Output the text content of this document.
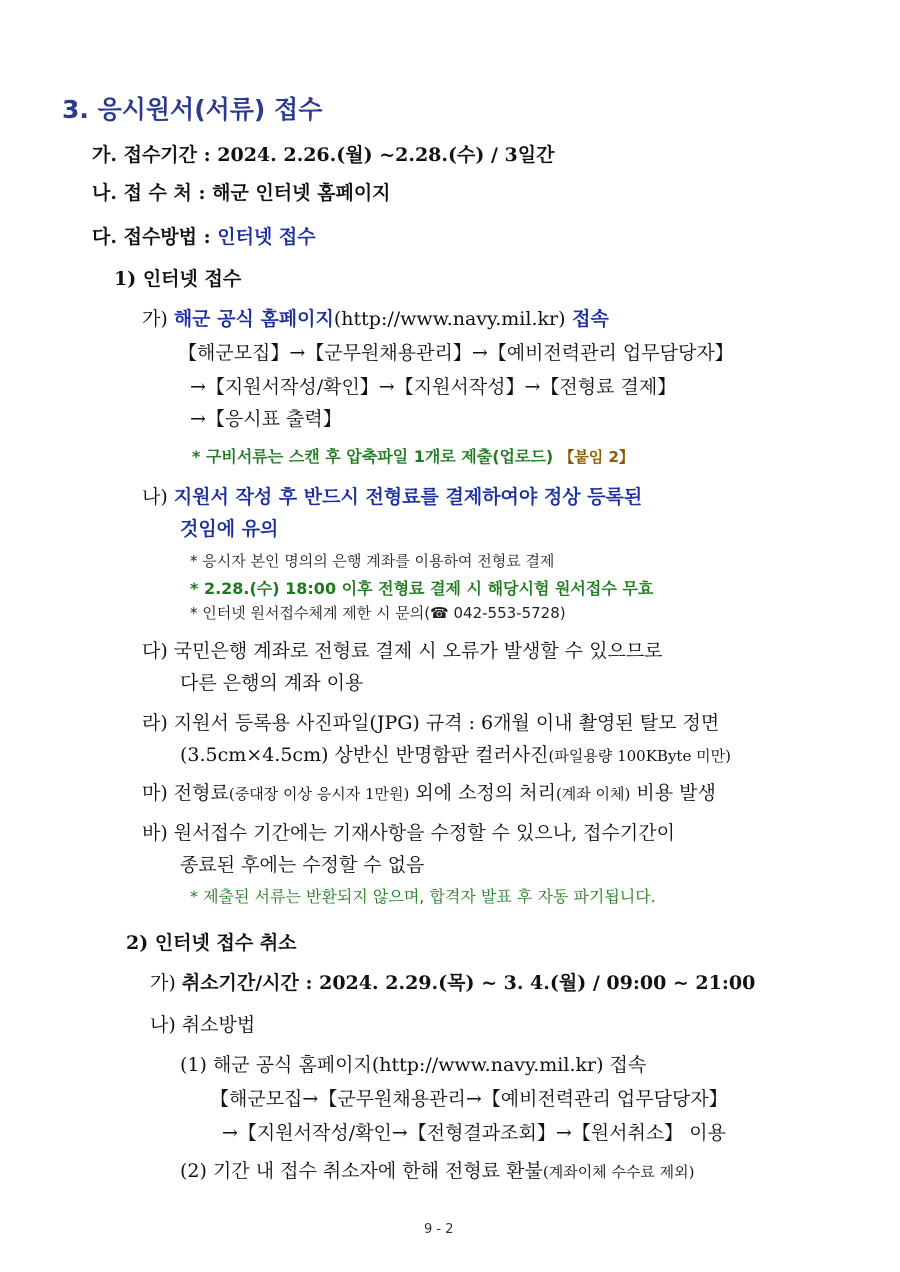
3. 응시원서(서류) 접수
가. 접수기간 : 2024. 2.26.(월) ~2.28.(수) / 3일간
나. 접 수 처 : 해군 인터넷 홈페이지
다. 접수방법 : 인터넷 접수
1) 인터넷 접수
가) 해군 공식 홈페이지(http://www.navy.mil.kr) 접속
【해군모집】→【군무원채용관리】→【예비전력관리 업무담당자】
→【지원서작성/확인】→【지원서작성】→【전형료 결제】
→【응시표 출력】
* 구비서류는 스캔 후 압축파일 1개로 제출(업로드) 【붙임 2】
나) 지원서 작성 후 반드시 전형료를 결제하여야 정상 등록된
것임에 유의
* 응시자 본인 명의의 은행 계좌를 이용하여 전형료 결제
* 2.28.(수) 18:00 이후 전형료 결제 시 해당시험 원서접수 무효
* 인터넷 원서접수체계 제한 시 문의(☎ 042-553-5728)
다) 국민은행 계좌로 전형료 결제 시 오류가 발생할 수 있으므로
다른 은행의 계좌 이용
라) 지원서 등록용 사진파일(JPG) 규격 : 6개월 이내 촬영된 탈모 정면
(3.5cm×4.5cm) 상반신 반명함판 컬러사진(파일용량 100KByte 미만)
마) 전형료(중대장 이상 응시자 1만원) 외에 소정의 처리(계좌 이체) 비용 발생
바) 원서접수 기간에는 기재사항을 수정할 수 있으나, 접수기간이
종료된 후에는 수정할 수 없음
* 제출된 서류는 반환되지 않으며, 합격자 발표 후 자동 파기됩니다.
2) 인터넷 접수 취소
가) 취소기간/시간 : 2024. 2.29.(목) ~ 3. 4.(월) / 09:00 ~ 21:00
나) 취소방법
(1) 해군 공식 홈페이지(http://www.navy.mil.kr) 접속
【해군모집→【군무원채용관리→【예비전력관리 업무담당자】
→【지원서작성/확인→【전형결과조회】→【원서취소】 이용
(2) 기간 내 접수 취소자에 한해 전형료 환불(계좌이체 수수료 제외)
9 - 2
